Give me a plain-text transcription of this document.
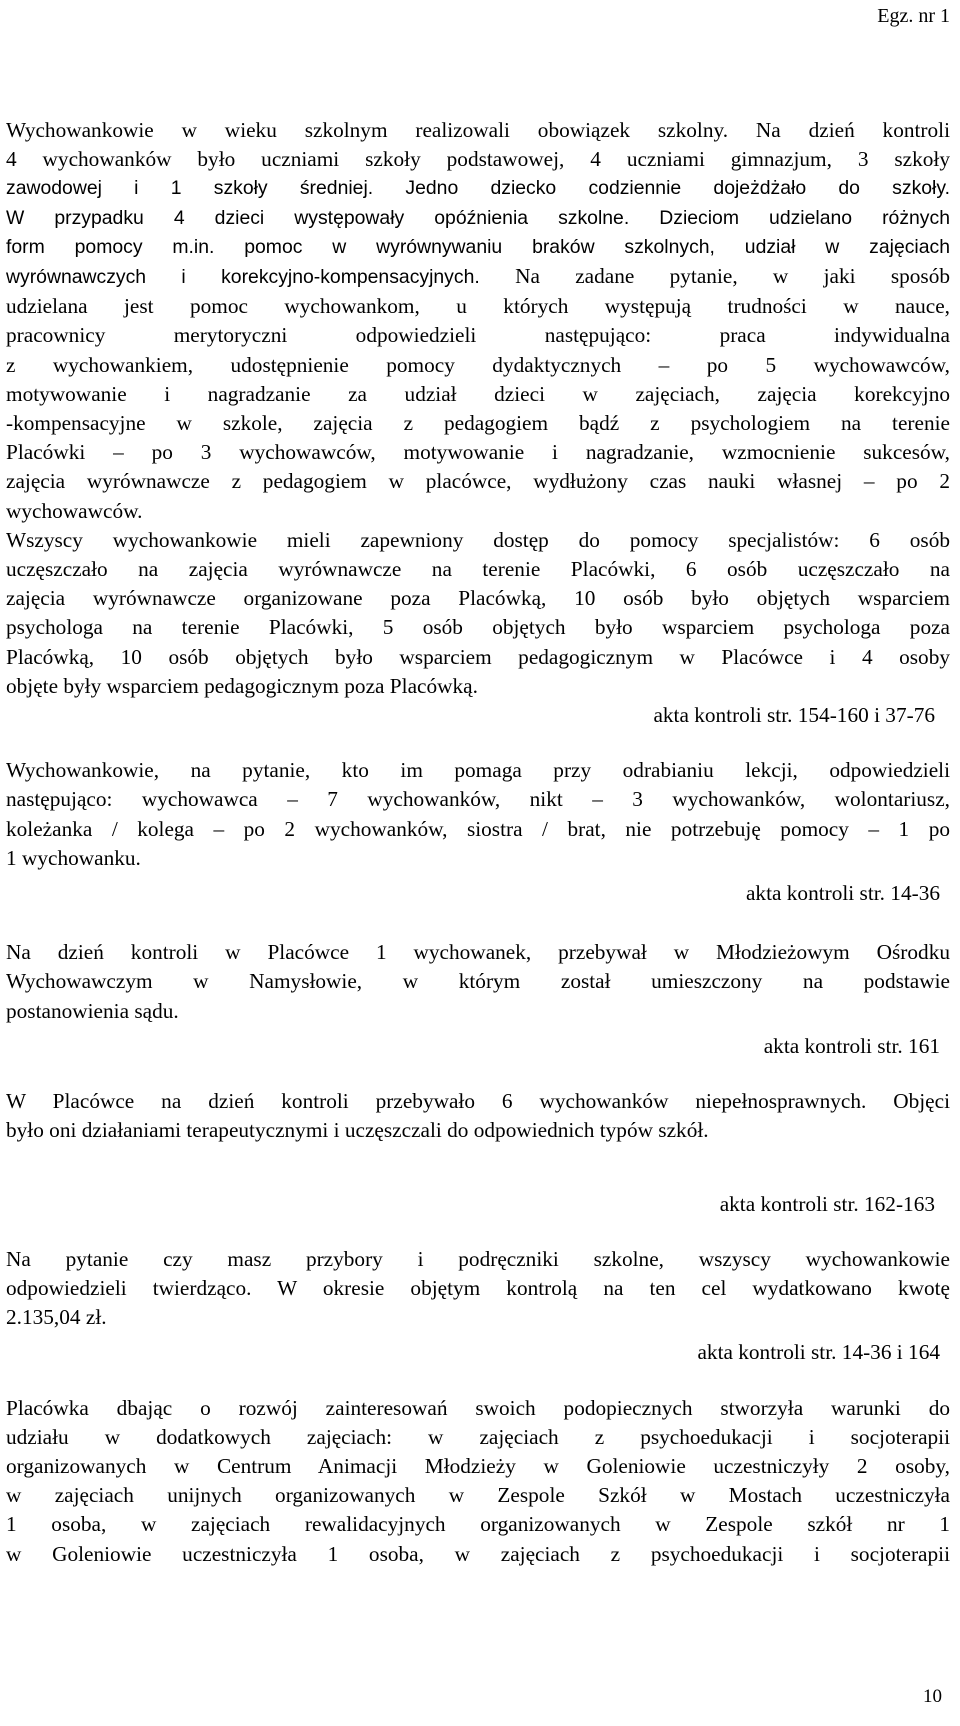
Egz. nr 1
Wychowankowie w wieku szkolnym realizowali obowiązek szkolny. Na dzień kontroli
4 wychowanków było uczniami szkoły podstawowej, 4 uczniami gimnazjum, 3 szkoły
zawodowej i 1 szkoły średniej. Jedno dziecko codziennie dojeżdżało do szkoły.
W przypadku 4 dzieci występowały opóźnienia szkolne. Dzieciom udzielano różnych
form pomocy m.in. pomoc w wyrównywaniu braków szkolnych, udział w zajęciach
wyrównawczych i korekcyjno-kompensacyjnych. Na zadane pytanie, w jaki sposób
udzielana jest pomoc wychowankom, u których występują trudności w nauce,
pracownicy merytoryczni odpowiedzieli następująco: praca indywidualna
z wychowankiem, udostępnienie pomocy dydaktycznych – po 5 wychowawców,
motywowanie i nagradzanie za udział dzieci w zajęciach, zajęcia korekcyjno
-kompensacyjne w szkole, zajęcia z pedagogiem bądź z psychologiem na terenie
Placówki – po 3 wychowawców, motywowanie i nagradzanie, wzmocnienie sukcesów,
zajęcia wyrównawcze z pedagogiem w placówce, wydłużony czas nauki własnej – po 2
wychowawców.
Wszyscy wychowankowie mieli zapewniony dostęp do pomocy specjalistów: 6 osób
uczęszczało na zajęcia wyrównawcze na terenie Placówki, 6 osób uczęszczało na
zajęcia wyrównawcze organizowane poza Placówką, 10 osób było objętych wsparciem
psychologa na terenie Placówki, 5 osób objętych było wsparciem psychologa poza
Placówką, 10 osób objętych było wsparciem pedagogicznym w Placówce i 4 osoby
objęte były wsparciem pedagogicznym poza Placówką.

akta kontroli str. 154-160 i 37-76

Wychowankowie, na pytanie, kto im pomaga przy odrabianiu lekcji, odpowiedzieli
następująco: wychowawca – 7 wychowanków, nikt – 3 wychowanków, wolontariusz,
koleżanka / kolega – po 2 wychowanków, siostra / brat, nie potrzebuję pomocy – 1 po
1 wychowanku.

akta kontroli str. 14-36

Na dzień kontroli w Placówce 1 wychowanek, przebywał w Młodzieżowym Ośrodku
Wychowawczym w Namysłowie, w którym został umieszczony na podstawie
postanowienia sądu.

akta kontroli str. 161

W Placówce na dzień kontroli przebywało 6 wychowanków niepełnosprawnych. Objęci
było oni działaniami terapeutycznymi i uczęszczali do odpowiednich typów szkół.

akta kontroli str. 162-163

Na pytanie czy masz przybory i podręczniki szkolne, wszyscy wychowankowie
odpowiedzieli twierdząco. W okresie objętym kontrolą na ten cel wydatkowano kwotę
2.135,04 zł.

akta kontroli str. 14-36 i 164

Placówka dbając o rozwój zainteresowań swoich podopiecznych stworzyła warunki do
udziału w dodatkowych zajęciach: w zajęciach z psychoedukacji i socjoterapii
organizowanych w Centrum Animacji Młodzieży w Goleniowie uczestniczyły 2 osoby,
w zajęciach unijnych organizowanych w Zespole Szkół w Mostach uczestniczyła
1 osoba, w zajęciach rewalidacyjnych organizowanych w Zespole szkół nr 1
w Goleniowie uczestniczyła 1 osoba, w zajęciach z psychoedukacji i socjoterapii
10
